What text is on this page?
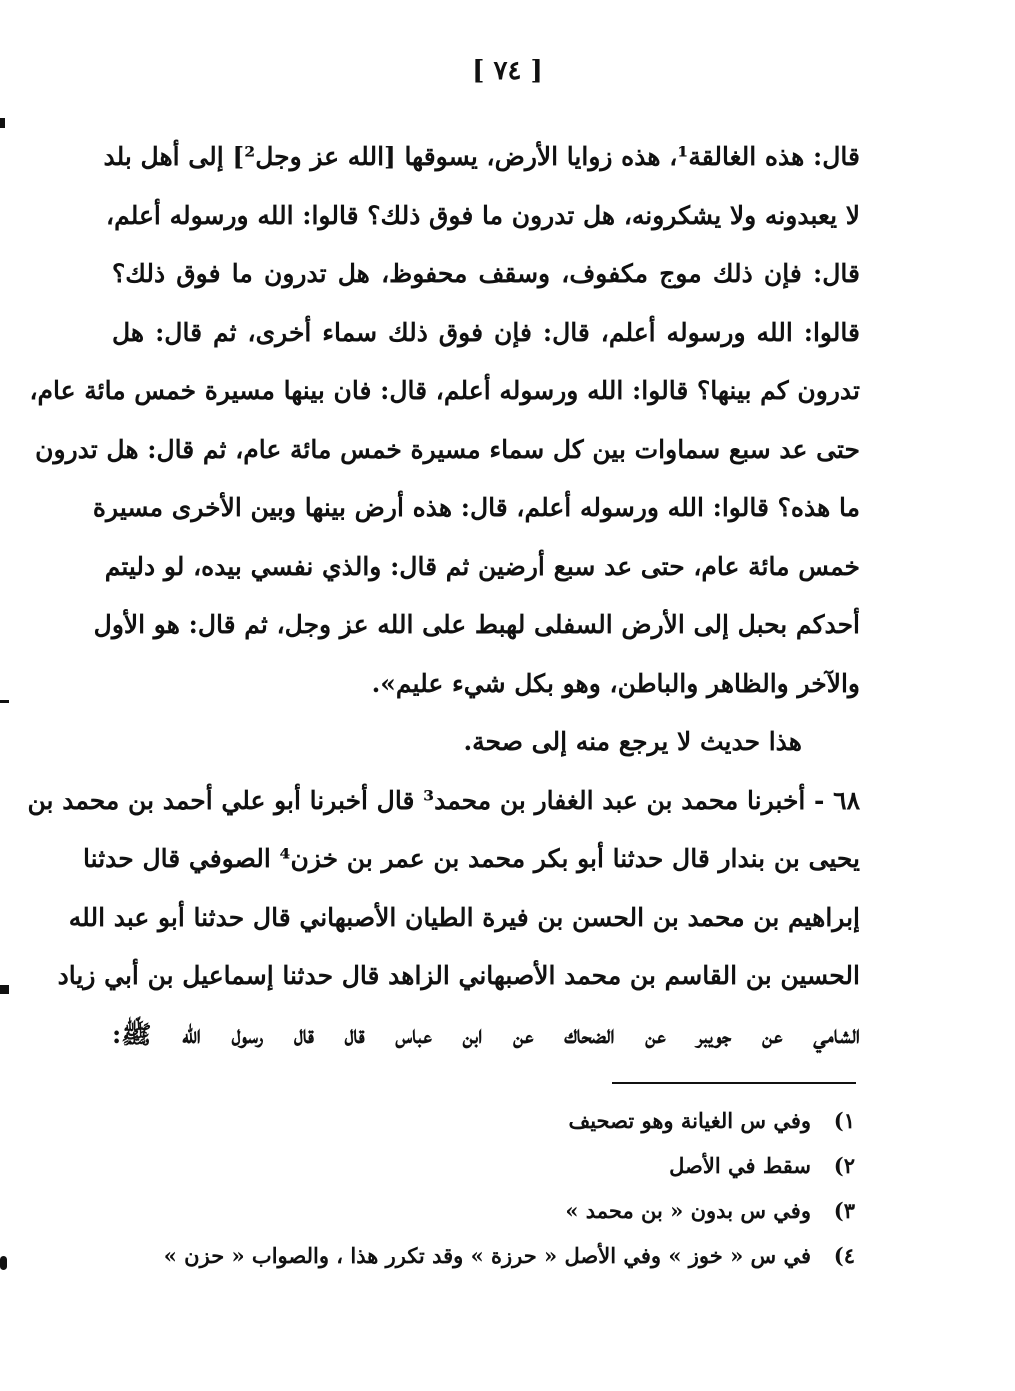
[ ٧٤ ]
قال: هذه الغالقة¹، هذه زوايا الأرض، يسوقها [الله عز وجل²] إلى أهل بلد
لا يعبدونه ولا يشكرونه، هل تدرون ما فوق ذلك؟ قالوا: الله ورسوله أعلم،
قال: فإن ذلك موج مكفوف، وسقف محفوظ، هل تدرون ما فوق ذلك؟
قالوا: الله ورسوله أعلم، قال: فإن فوق ذلك سماء أخرى، ثم قال: هل
تدرون كم بينها؟ قالوا: الله ورسوله أعلم، قال: فان بينها مسيرة خمس مائة عام،
حتى عد سبع سماوات بين كل سماء مسيرة خمس مائة عام، ثم قال: هل تدرون
ما هذه؟ قالوا: الله ورسوله أعلم، قال: هذه أرض بينها وبين الأخرى مسيرة
خمس مائة عام، حتى عد سبع أرضين ثم قال: والذي نفسي بيده، لو دليتم
أحدكم بحبل إلى الأرض السفلى لهبط على الله عز وجل، ثم قال: هو الأول
والآخر والظاهر والباطن، وهو بكل شيء عليم».
هذا حديث لا يرجع منه إلى صحة.
٦٨ - أخبرنا محمد بن عبد الغفار بن محمد³ قال أخبرنا أبو علي أحمد بن محمد بن
يحيى بن بندار قال حدثنا أبو بكر محمد بن عمر بن خزن⁴ الصوفي قال حدثنا
إبراهيم بن محمد بن الحسن بن فيرة الطيان الأصبهاني قال حدثنا أبو عبد الله
الحسين بن القاسم بن محمد الأصبهاني الزاهد قال حدثنا إسماعيل بن أبي زياد
الشامي عن جويبر عن الضحاك عن ابن عباس قال قال رسول الله ﷺ:
١)
وفي س الغيانة وهو تصحيف
٢)
سقط في الأصل
٣)
وفي س بدون « بن محمد »
٤)
في س « خوز » وفي الأصل « حرزة » وقد تكرر هذا ، والصواب « حزن »
